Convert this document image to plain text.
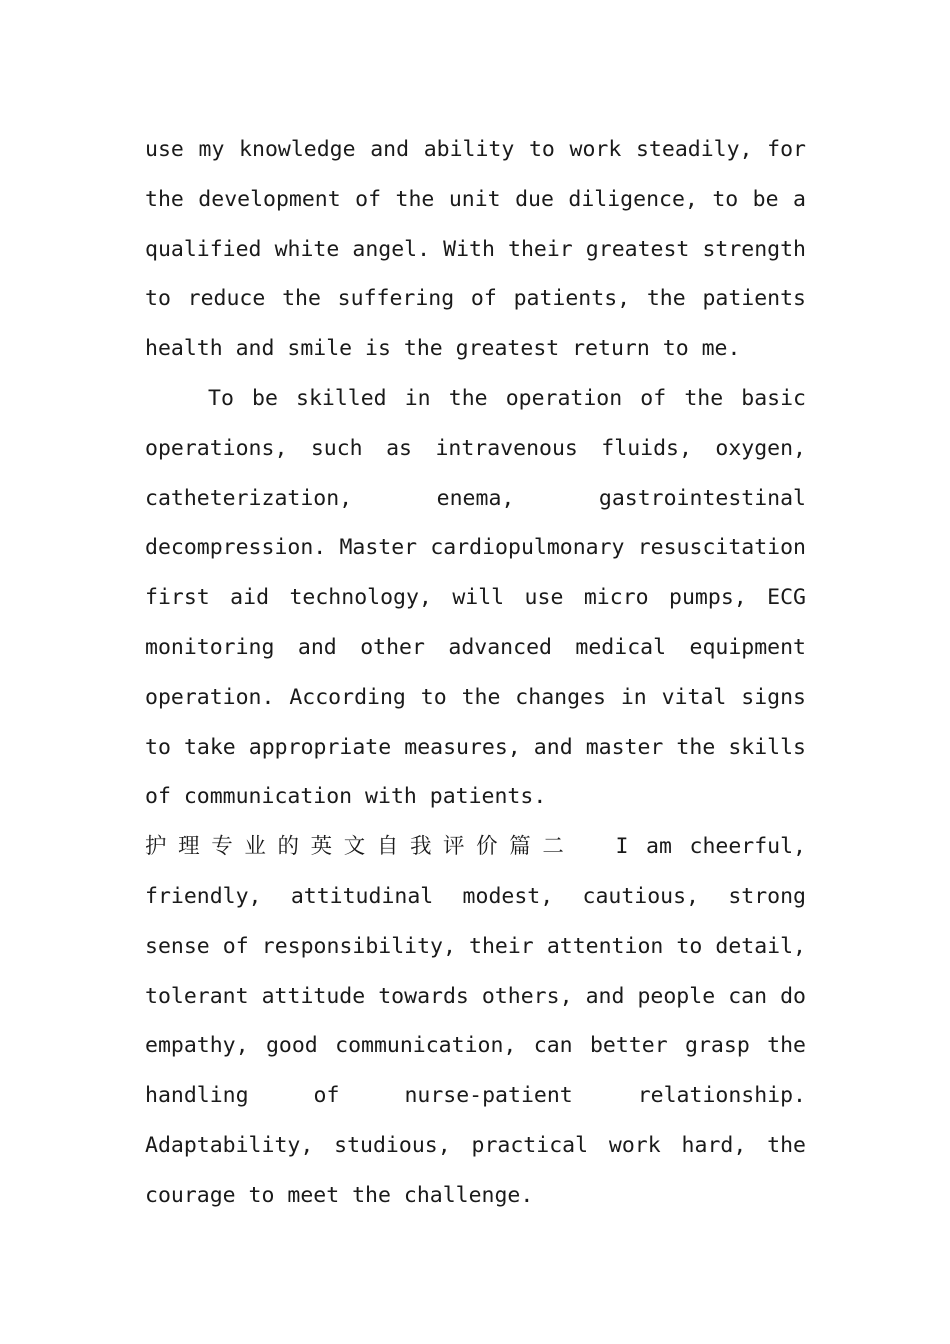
use my knowledge and ability to work steadily, for the development of the unit due diligence, to be a qualified white angel. With their greatest strength to reduce the suffering of patients, the patients health and smile is the greatest return to me.

To be skilled in the operation of the basic operations, such as intravenous fluids, oxygen, catheterization, enema, gastrointestinal decompression. Master cardiopulmonary resuscitation first aid technology, will use micro pumps, ECG monitoring and other advanced medical equipment operation. According to the changes in vital signs to take appropriate measures, and master the skills of communication with patients.

护理专业的英文自我评价篇二 I am cheerful, friendly, attitudinal modest, cautious, strong sense of responsibility, their attention to detail, tolerant attitude towards others, and people can do empathy, good communication, can better grasp the handling of nurse-patient relationship. Adaptability, studious, practical work hard, the courage to meet the challenge.
